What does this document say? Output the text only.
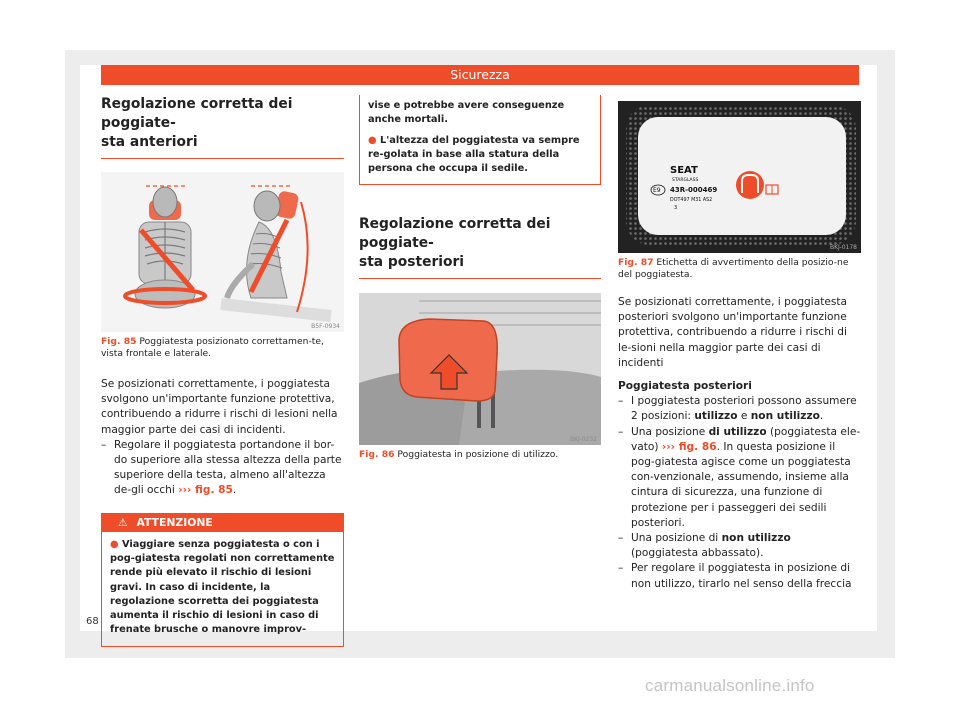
Sicurezza
Regolazione corretta dei poggiate-
sta anteriori
B5F-0934
Fig. 85 Poggiatesta posizionato correttamen-te, vista frontale e laterale.

Se posizionati correttamente, i poggiatesta svolgono un'importante funzione protettiva, contribuendo a ridurre i rischi di lesioni nella maggior parte dei casi di incidenti.

– Regolare il poggiatesta portandone il bor-do superiore alla stessa altezza della parte superiore della testa, almeno all'altezza de-gli occhi ››› fig. 85.

⚠ ATTENZIONE
● Viaggiare senza poggiatesta o con i pog-giatesta regolati non correttamente rende più elevato il rischio di lesioni gravi. In caso di incidente, la regolazione scorretta dei poggiatesta aumenta il rischio di lesioni in caso di frenate brusche o manovre improv-
vise e potrebbe avere conseguenze anche mortali.
● L'altezza del poggiatesta va sempre re-golata in base alla statura della persona che occupa il sedile.
Regolazione corretta dei poggiate-
sta posteriori
BKJ-0232
Fig. 86 Poggiatesta in posizione di utilizzo.
SEAT
STARGLASS
E9 43R-000469
DOT497 M31 AS2
3
BKJ-0178
Fig. 87 Etichetta di avvertimento della posizio-ne del poggiatesta.

Se posizionati correttamente, i poggiatesta posteriori svolgono un'importante funzione protettiva, contribuendo a ridurre i rischi di le-sioni nella maggior parte dei casi di incidenti

Poggiatesta posteriori

– I poggiatesta posteriori possono assumere 2 posizioni: utilizzo e non utilizzo.

– Una posizione di utilizzo (poggiatesta ele-vato) ››› fig. 86. In questa posizione il pog-giatesta agisce come un poggiatesta con-venzionale, assumendo, insieme alla cintura di sicurezza, una funzione di protezione per i passeggeri dei sedili posteriori.

– Una posizione di non utilizzo (poggiatesta abbassato).

– Per regolare il poggiatesta in posizione di non utilizzo, tirarlo nel senso della freccia

68
carmanualsonline.info
